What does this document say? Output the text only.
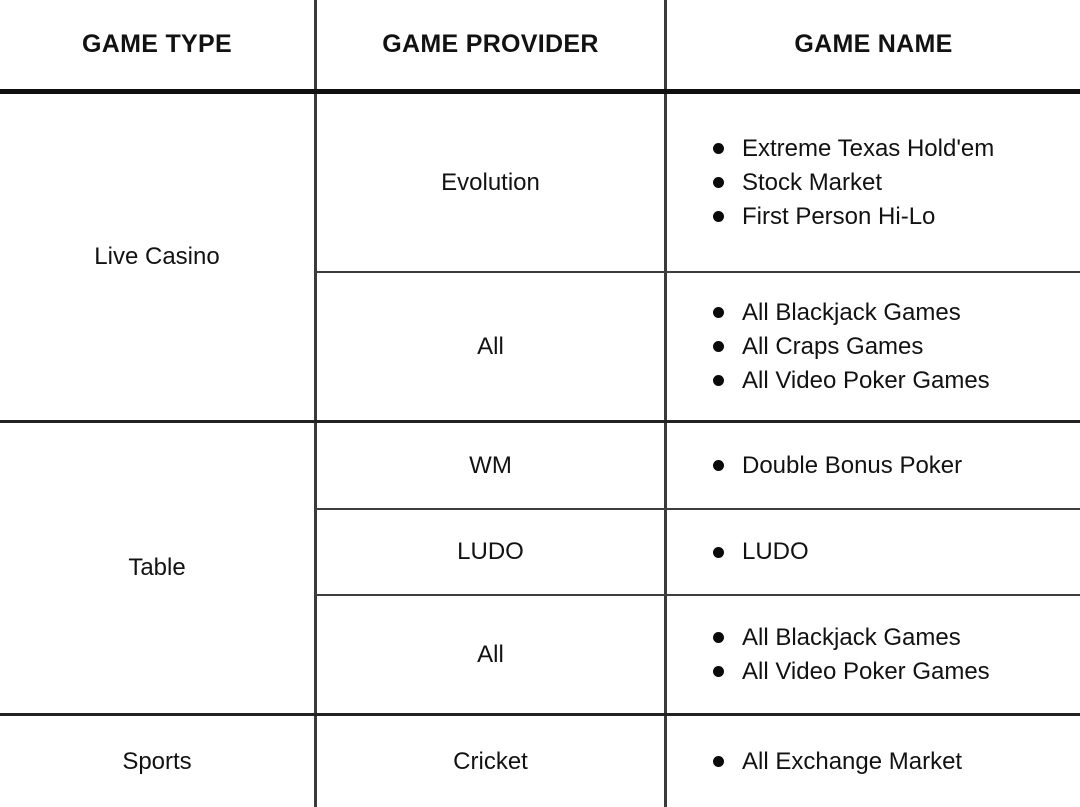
GAME TYPE	GAME PROVIDER	GAME NAME
Live Casino
Table
Sports
Evolution
All
WM
LUDO
All
Cricket
Extreme Texas Hold'em
Stock Market
First Person Hi-Lo
All Blackjack Games
All Craps Games
All Video Poker Games
Double Bonus Poker
LUDO
All Blackjack Games
All Video Poker Games
All Exchange Market
